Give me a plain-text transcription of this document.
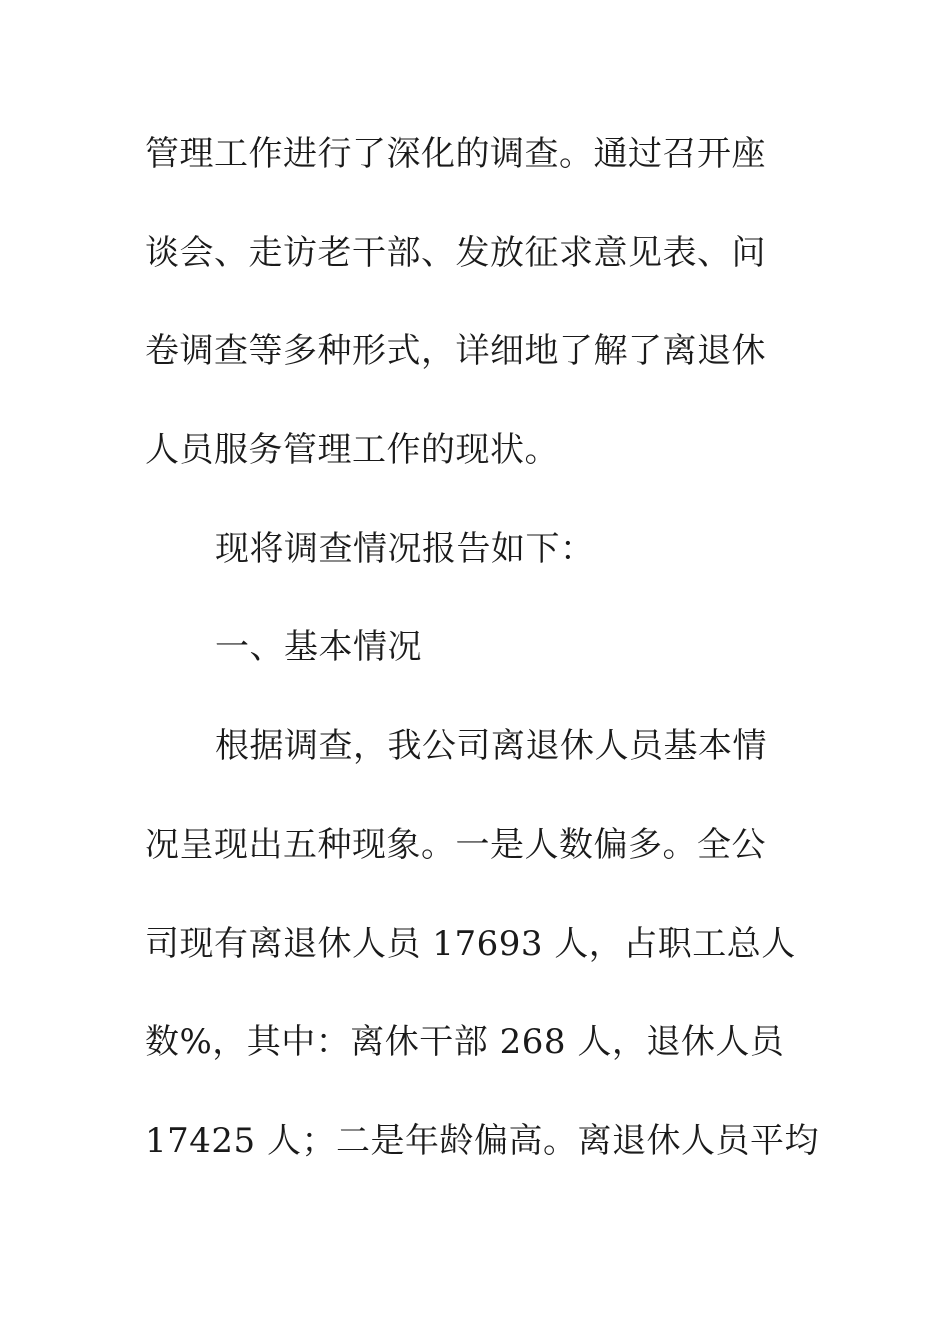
管理工作进行了深化的调查。通过召开座
谈会、走访老干部、发放征求意见表、问
卷调查等多种形式，详细地了解了离退休
人员服务管理工作的现状。
现将调查情况报告如下：
一、基本情况
根据调查，我公司离退休人员基本情
况呈现出五种现象。一是人数偏多。全公
司现有离退休人员 17693 人，占职工总人
数%，其中：离休干部 268 人，退休人员
17425 人；二是年龄偏高。离退休人员平均
